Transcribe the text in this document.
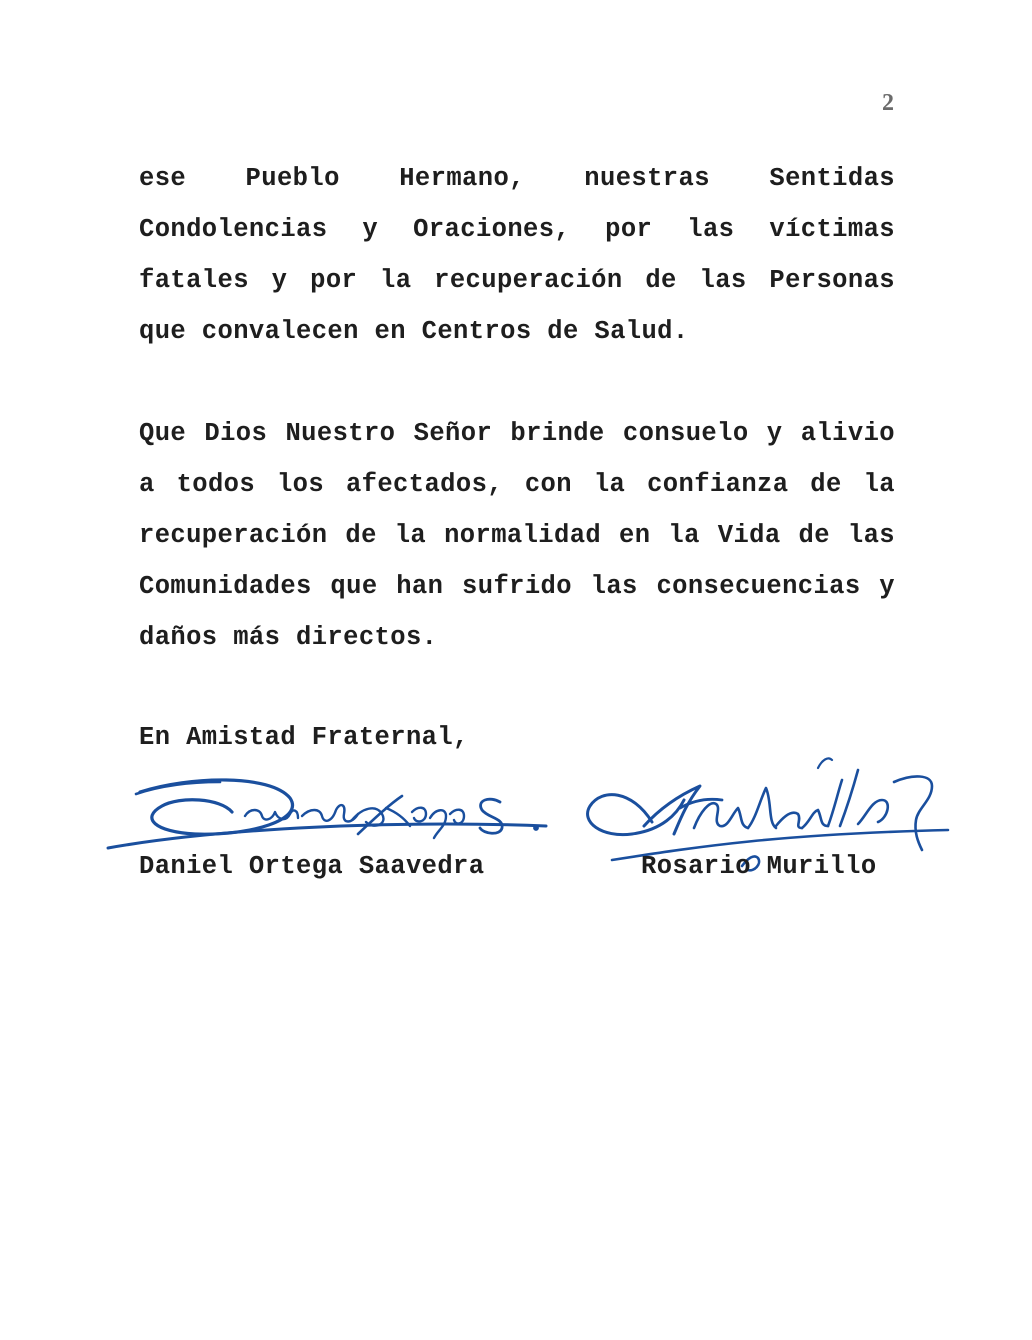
2

ese Pueblo Hermano, nuestras Sentidas Condolencias y Oraciones, por las víctimas fatales y por la recuperación de las Personas que convalecen en Centros de Salud.

Que Dios Nuestro Señor brinde consuelo y alivio a todos los afectados, con la confianza de la recuperación de la normalidad en la Vida de las Comunidades que han sufrido las consecuencias y daños más directos.

En Amistad Fraternal,
Daniel Ortega Saavedra	Rosario Murillo
